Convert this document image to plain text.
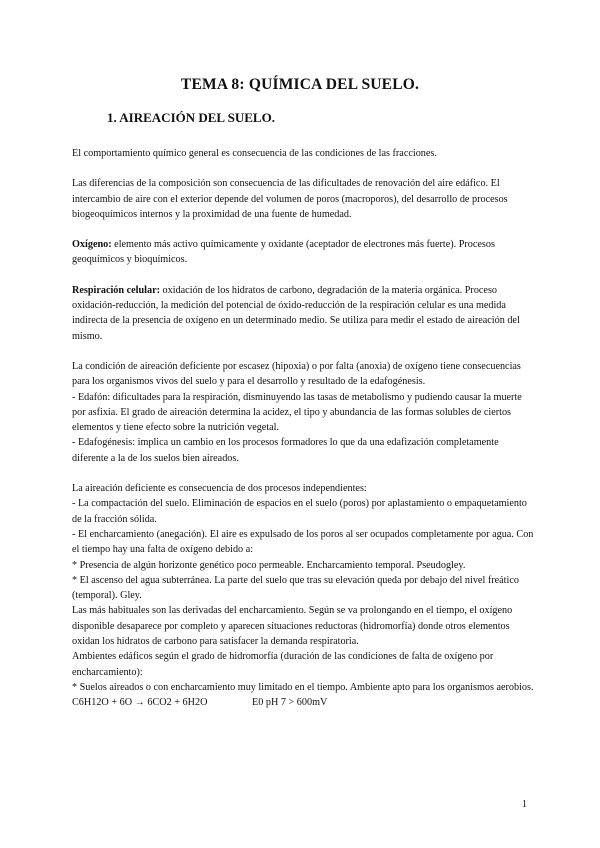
TEMA 8: QUÍMICA DEL SUELO.
1. AIREACIÓN DEL SUELO.

El comportamiento químico general es consecuencia de las condiciones de las fracciones.

Las diferencias de la composición son consecuencia de las dificultades de renovación del aire edáfico. El intercambio de aire con el exterior depende del volumen de poros (macroporos), del desarrollo de procesos biogeoquímicos internos y la proximidad de una fuente de humedad.

Oxígeno: elemento más activo químicamente y oxidante (aceptador de electrones más fuerte). Procesos geoquímicos y bioquímicos.

Respiración celular: oxidación de los hidratos de carbono, degradación de la materia orgánica. Proceso oxidación-reducción, la medición del potencial de óxido-reducción de la respiración celular es una medida indirecta de la presencia de oxígeno en un determinado medio. Se utiliza para medir el estado de aireación del mismo.

La condición de aireación deficiente por escasez (hipoxia) o por falta (anoxia) de oxígeno tiene consecuencias para los organismos vivos del suelo y para el desarrollo y resultado de la edafogénesis.

- Edafón: dificultades para la respiración, disminuyendo las tasas de metabolismo y pudiendo causar la muerte por asfixia. El grado de aireación determina la acidez, el tipo y abundancia de las formas solubles de ciertos elementos y tiene efecto sobre la nutrición vegetal.

- Edafogénesis: implica un cambio en los procesos formadores lo que da una edafización completamente diferente a la de los suelos bien aireados.

La aireación deficiente es consecuencia de dos procesos independientes:

- La compactación del suelo. Eliminación de espacios en el suelo (poros) por aplastamiento o empaquetamiento de la fracción sólida.

- El encharcamiento (anegación). El aire es expulsado de los poros al ser ocupados completamente por agua. Con el tiempo hay una falta de oxígeno debido a:

* Presencia de algún horizonte genético poco permeable. Encharcamiento temporal. Pseudogley.

* El ascenso del agua subterránea. La parte del suelo que tras su elevación queda por debajo del nivel freático (temporal). Gley.

Las más habituales son las derivadas del encharcamiento. Según se va prolongando en el tiempo, el oxígeno disponible desaparece por completo y aparecen situaciones reductoras (hidromorfía) donde otros elementos oxidan los hidratos de carbono para satisfacer la demanda respiratoria.

Ambientes edáficos según el grado de hidromorfía (duración de las condiciones de falta de oxígeno por encharcamiento):

* Suelos aireados o con encharcamiento muy limitado en el tiempo. Ambiente apto para los organismos aerobios.

C6H12O + 6O → 6CO2 + 6H2O	E0 pH 7 > 600mV

1
